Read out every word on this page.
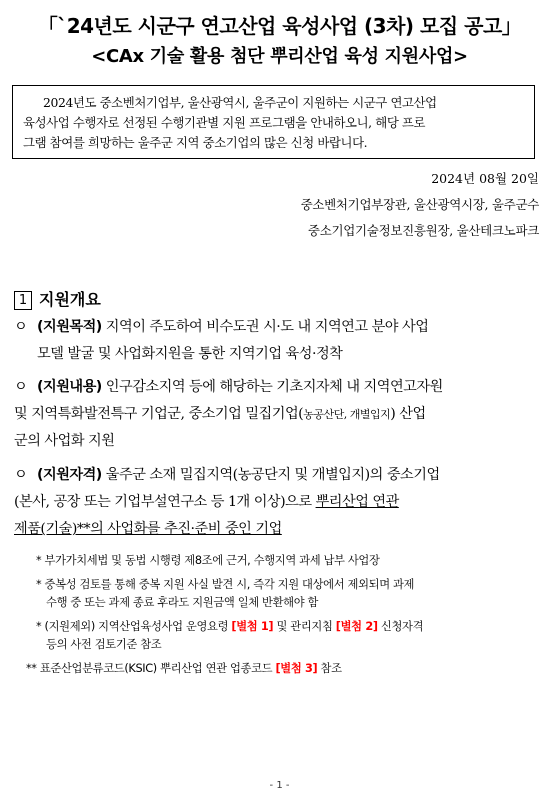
「`24년도 시군구 연고산업 육성사업 (3차) 모집 공고」
<CAx 기술 활용 첨단 뿌리산업 육성 지원사업>
2024년도 중소벤처기업부, 울산광역시, 울주군이 지원하는 시군구 연고산업
육성사업 수행자로 선정된 수행기관별 지원 프로그램을 안내하오니, 해당 프로
그램 참여를 희망하는 울주군 지역 중소기업의 많은 신청 바랍니다.
2024년 08월 20일
중소벤처기업부장관, 울산광역시장, 울주군수
중소기업기술정보진흥원장, 울산테크노파크
1 지원개요
ㅇ (지원목적) 지역이 주도하여 비수도권 시·도 내 지역연고 분야 사업
모델 발굴 및 사업화지원을 통한 지역기업 육성·정착
ㅇ (지원내용) 인구감소지역 등에 해당하는 기초지자체 내 지역연고자원
및 지역특화발전특구 기업군, 중소기업 밀집기업(농공산단, 개별입지) 산업
군의 사업화 지원
ㅇ (지원자격) 울주군 소재 밀집지역(농공단지 및 개별입지)의 중소기업
(본사, 공장 또는 기업부설연구소 등 1개 이상)으로 뿌리산업 연관
제품(기술)**의 사업화를 추진·준비 중인 기업
* 부가가치세법 및 동법 시행령 제8조에 근거, 수행지역 과세 납부 사업장
* 중복성 검토를 통해 중복 지원 사실 발견 시, 즉각 지원 대상에서 제외되며 과제
수행 중 또는 과제 종료 후라도 지원금액 일체 반환해야 함
* (지원제외) 지역산업육성사업 운영요령 [별첨 1] 및 관리지침 [별첨 2] 신청자격
등의 사전 검토기준 참조
** 표준산업분류코드(KSIC) 뿌리산업 연관 업종코드 [별첨 3] 참조
- 1 -
